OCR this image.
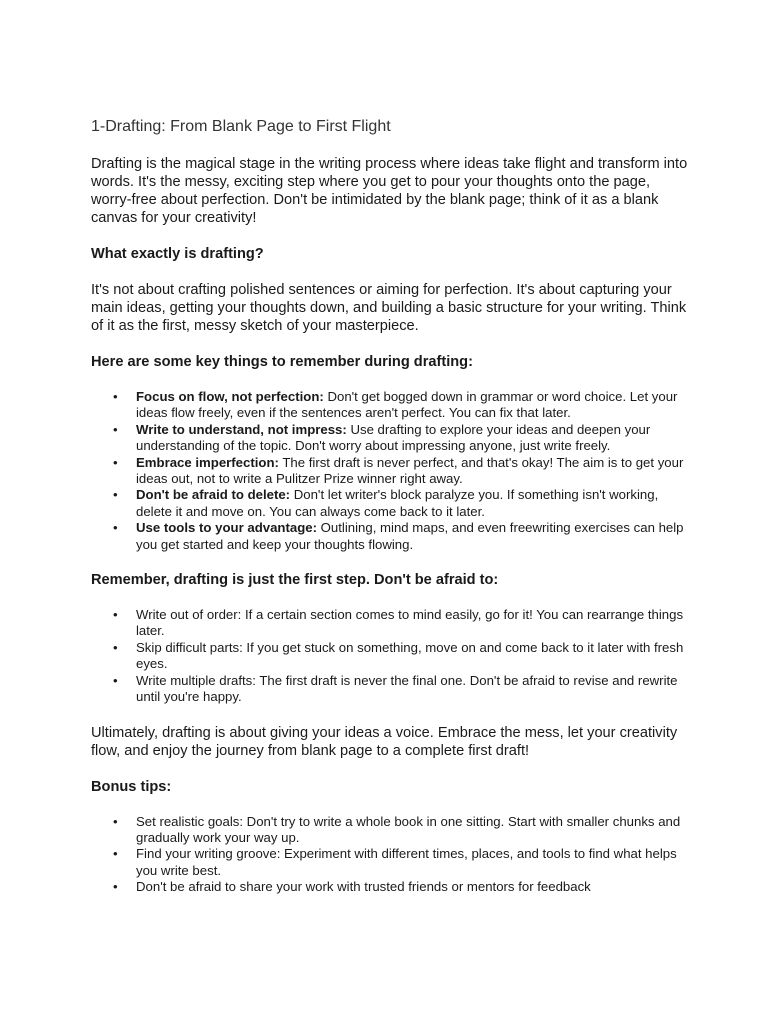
1-Drafting: From Blank Page to First Flight

Drafting is the magical stage in the writing process where ideas take flight and transform into words. It's the messy, exciting step where you get to pour your thoughts onto the page, worry-free about perfection. Don't be intimidated by the blank page; think of it as a blank canvas for your creativity!

What exactly is drafting?

It's not about crafting polished sentences or aiming for perfection. It's about capturing your main ideas, getting your thoughts down, and building a basic structure for your writing. Think of it as the first, messy sketch of your masterpiece.

Here are some key things to remember during drafting:

• Focus on flow, not perfection: Don't get bogged down in grammar or word choice. Let your ideas flow freely, even if the sentences aren't perfect. You can fix that later.
• Write to understand, not impress: Use drafting to explore your ideas and deepen your understanding of the topic. Don't worry about impressing anyone, just write freely.
• Embrace imperfection: The first draft is never perfect, and that's okay! The aim is to get your ideas out, not to write a Pulitzer Prize winner right away.
• Don't be afraid to delete: Don't let writer's block paralyze you. If something isn't working, delete it and move on. You can always come back to it later.
• Use tools to your advantage: Outlining, mind maps, and even freewriting exercises can help you get started and keep your thoughts flowing.

Remember, drafting is just the first step. Don't be afraid to:

• Write out of order: If a certain section comes to mind easily, go for it! You can rearrange things later.
• Skip difficult parts: If you get stuck on something, move on and come back to it later with fresh eyes.
• Write multiple drafts: The first draft is never the final one. Don't be afraid to revise and rewrite until you're happy.

Ultimately, drafting is about giving your ideas a voice. Embrace the mess, let your creativity flow, and enjoy the journey from blank page to a complete first draft!

Bonus tips:

• Set realistic goals: Don't try to write a whole book in one sitting. Start with smaller chunks and gradually work your way up.
• Find your writing groove: Experiment with different times, places, and tools to find what helps you write best.
• Don't be afraid to share your work with trusted friends or mentors for feedback
